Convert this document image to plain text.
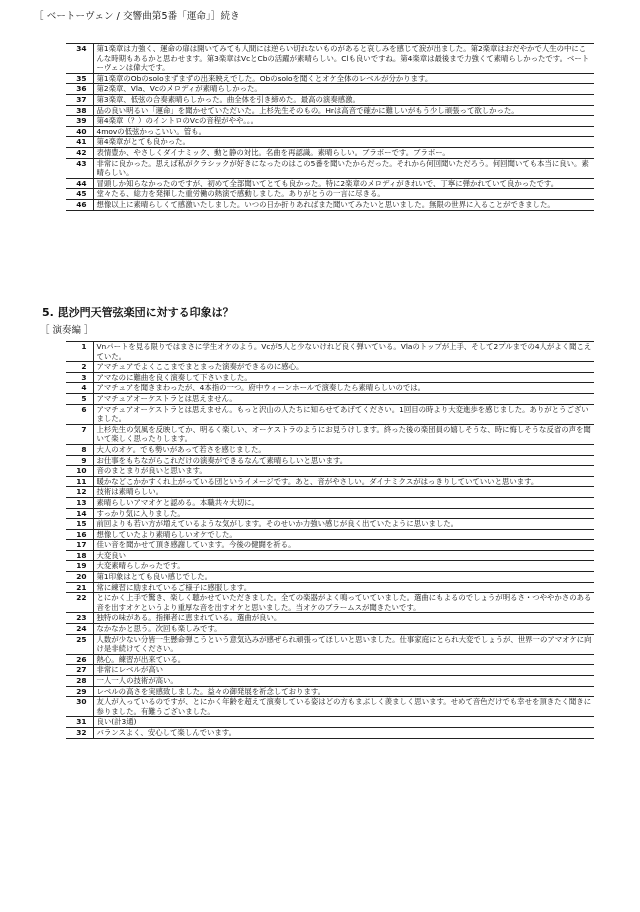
［ ベートーヴェン / 交響曲第5番「運命」］続き
34	第1楽章は力強く、運命の扉は開いてみても人間には逆らい切れないものがあると哀しみを感じて涙が出ました。第2楽章はおだやかで人生の中にこんな時期もあるかと思わせます。第3楽章はVcとCbの活躍が素晴らしい。Clも良いですね。第4楽章は最後まで力強くて素晴らしかったです。ベートーヴェンは偉大です。
35	第1楽章のObのsoloまずまずの出来映えでした。Obのsoloを聞くとオケ全体のレベルが分かります。
36	第2楽章、Vla、Vcのメロディが素晴らしかった。
37	第3楽章、低弦の合奏素晴らしかった。曲全体を引き締めた。最高の演奏感激。
38	品の良い明るい「運命」を聞かせていただいた。上杉先生そのもの。Hrは高音で確かに難しいがもう少し頑張って欲しかった。
39	第4楽章（？）のイントロのVcの音程がやや。。。
40	4movの低弦かっこいい。管も。
41	第4楽章がとても良かった。
42	表情豊か、やさしくダイナミック、動と静の対比。名曲を再認識。素晴らしい。ブラボーです。ブラボー。
43	非常に良かった。思えば私がクラシックが好きになったのはこの5番を聞いたからだった。それから何回聞いただろう。何回聞いても本当に良い。素晴らしい。
44	冒頭しか知らなかったのですが、初めて全部聞いてとても良かった。特に2楽章のメロディがきれいで、丁寧に弾かれていて良かったです。
45	堂々たる、総力を発揮した重労働の熱演で感動しました。ありがとうの一言に尽きる。
46	想像以上に素晴らしくて感激いたしました。いつの日か折りあればまた聞いてみたいと思いました。無限の世界に入ることができました。
5. 毘沙門天管弦楽団に対する印象は？
［ 演奏編 ］
1	Vnパートを見る限りではまさに学生オケのよう。Vcが5人と少ないけれど良く弾いている。Vlaのトップが上手、そして2プルまでの4人がよく聞こえていた。
2	アマチュアでよくここまでまとまった演奏ができるのに感心。
3	アマなのに難曲を良く演奏して下さいました。
4	アマチュアを聞きまわったが、4本指の一つ。府中ウィーンホールで演奏したら素晴らしいのでは。
5	アマチュアオーケストラとは思えません。
6	アマチュアオーケストラとは思えません。もっと沢山の人たちに知らせてあげてください。1回目の時より大変進歩を感じました。ありがとうございました。
7	上杉先生の気風を反映してか、明るく楽しい、オーケストラのようにお見うけします。終った後の楽団員の嬉しそうな、時に悔しそうな反省の声を聞いて楽しく思ったりします。
8	大人のオケ。でも勢いがあって若さを感じました。
9	お仕事をもちながらこれだけの演奏ができるなんて素晴らしいと思います。
10	音のまとまりが良いと思います。
11	暖かなどこかかすくれ上がっている団というイメージです。あと、音がやさしい。ダイナミクスがはっきりしていていいと思います。
12	技術は素晴らしい。
13	素晴らしいアマオケと認める。本職共々大切に。
14	すっかり気に入りました。
15	前回よりも若い方が増えているような気がします。そのせいか力強い感じが良く出ていたように思いました。
16	想像していたより素晴らしいオケでした。
17	佳い音を聞かせて頂き感謝しています。今後の健闘を祈る。
18	大変良い
19	大変素晴らしかったです。
20	第1印象はとても良い感じでした。
21	常に練習に励まれているご様子に感服します。
22	とにかく上手で驚き、楽しく聴かせていただきました。全ての楽器がよく鳴っていていました。選曲にもよるのでしょうが明るさ・つややかさのある音を出すオケというより重厚な音を出すオケと思いました。当オケのブラームスが聞きたいです。
23	独特の味がある。指揮者に恵まれている。選曲が良い。
24	なかなかと思う。次回も楽しみです。
25	人数が少ない分皆一生懸命弾こうという意気込みが感ぜられ頑張ってほしいと思いました。仕事家庭にとられ大変でしょうが、世界一のアマオケに向け是非続けてください。
26	熱心。練習が出来ている。
27	非常にレベルが高い
28	一人一人の技術が高い。
29	レベルの高さを実感致しました。益々の御発展を祈念しております。
30	友人が入っているのですが、とにかく年齢を超えて演奏している姿はどの方もまぶしく羨ましく思います。せめて音色だけでも幸せを頂きたく聞きに参りました。有難うございました。
31	良い(計3通)
32	バランスよく、安心して楽しんでいます。
